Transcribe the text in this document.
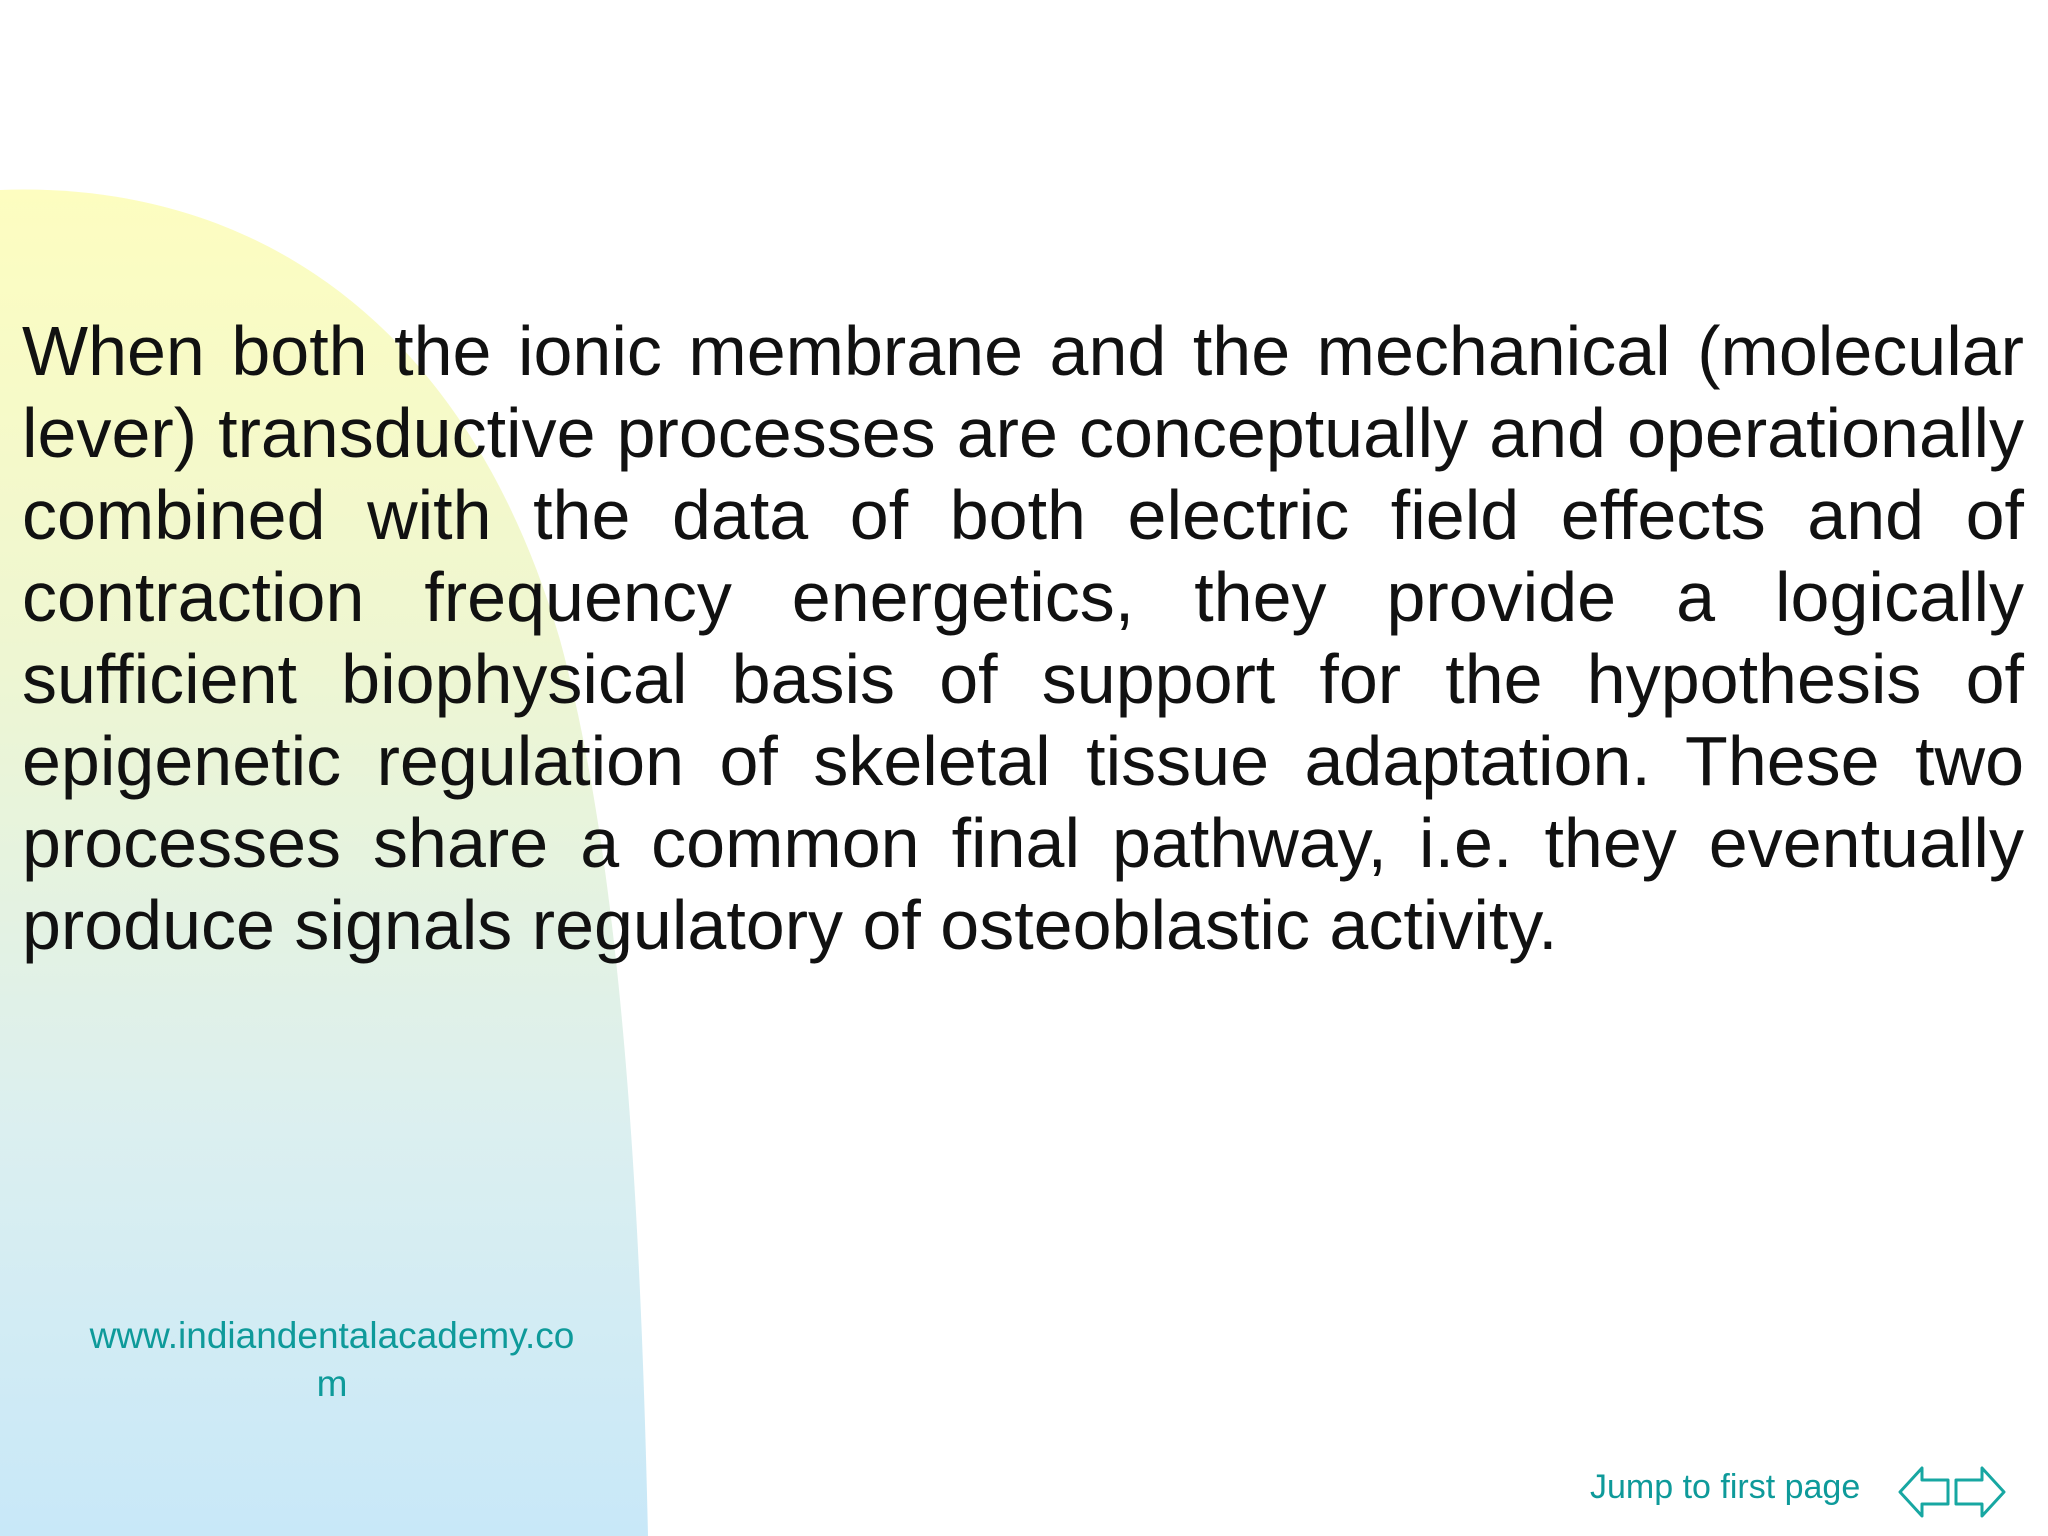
When both the ionic membrane and the mechanical (molecular lever) transductive processes are conceptually and operationally combined with the data of both electric field effects and of contraction frequency energetics, they provide a logically sufficient biophysical basis of support for the hypothesis of epigenetic regulation of skeletal tissue adaptation. These two processes share a common final pathway, i.e. they eventually produce signals regulatory of osteoblastic activity.

www.indiandentalacademy.co
m
Jump to first page
